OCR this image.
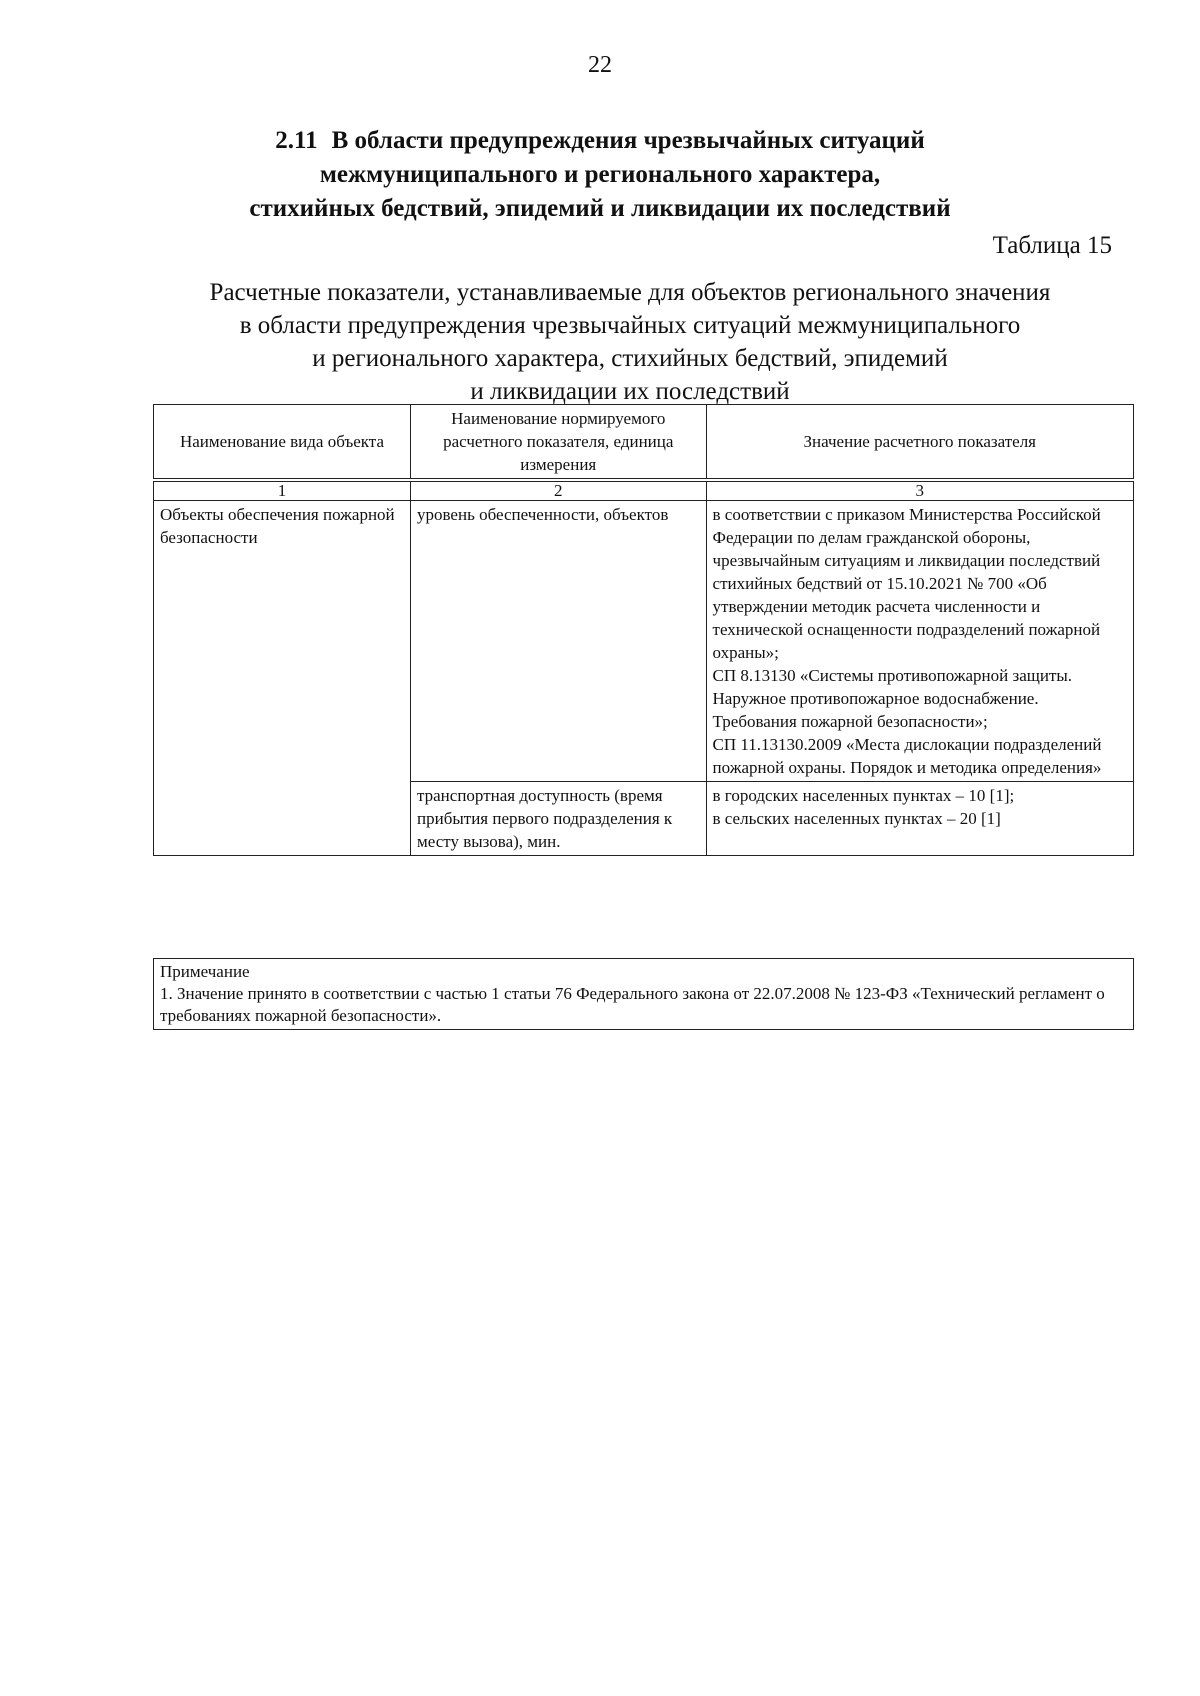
22
2.11 В области предупреждения чрезвычайных ситуаций
межмуниципального и регионального характера,
стихийных бедствий, эпидемий и ликвидации их последствий
Таблица 15
Расчетные показатели, устанавливаемые для объектов регионального значения
в области предупреждения чрезвычайных ситуаций межмуниципального
и регионального характера, стихийных бедствий, эпидемий
и ликвидации их последствий
Наименование вида объекта	Наименование нормируемого расчетного показателя, единица измерения	Значение расчетного показателя
1	2	3
Объекты обеспечения пожарной безопасности	уровень обеспеченности, объектов	в соответствии с приказом Министерства Российской Федерации по делам гражданской обороны, чрезвычайным ситуациям и ликвидации последствий стихийных бедствий от 15.10.2021 № 700 «Об утверждении методик расчета численности и технической оснащенности подразделений пожарной охраны»;
СП 8.13130 «Системы противопожарной защиты. Наружное противопожарное водоснабжение. Требования пожарной безопасности»;
СП 11.13130.2009 «Места дислокации подразделений пожарной охраны. Порядок и методика определения»

	транспортная доступность (время прибытия первого подразделения к месту вызова), мин.	в городских населенных пунктах – 10 [1];
в сельских населенных пунктах – 20 [1]
Примечание
1. Значение принято в соответствии с частью 1 статьи 76 Федерального закона от 22.07.2008 № 123-ФЗ «Технический регламент о требованиях пожарной безопасности».
